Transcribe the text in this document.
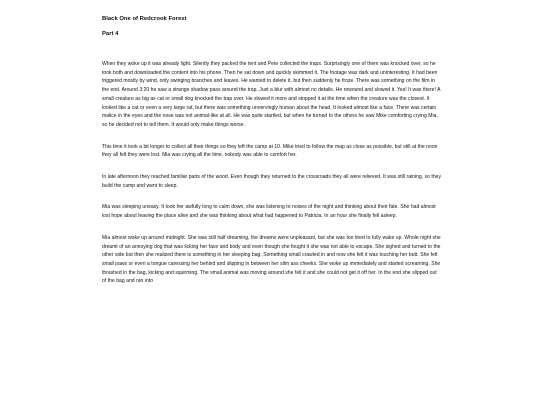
Black One of Redcrook Forest

Part 4

When they woke up it was already light. Silently they packed the tent and Pete collected the traps. Surprisingly one of them was knocked over, so he took both and downloaded the content into his phone. Then he sat down and quickly skimmed it. The footage was dark and uninteresting. It had been triggered mostly by wind, only swinging branches and leaves. He wanted to delete it, but then suddenly he froze. There was something on the film in the end. Around 3:20 he saw a strange shadow pass around the trap. Just a blur with almost no details. He rewound and slowed it. Yes! It was there! A small creature as big as cat or small dog knocked the trap over. He slowed it more and stopped it at the time when the creature was the closest. It looked like a cat or even a very large rat, but there was something unnervingly human about the head. It looked almost like a face. There was certain malice in the eyes and the nose was not animal-like at all. He was quite startled, but when he turned to the others he saw Mike comforting crying Mia, so he decided not to tell them. It would only make things worse.

This time it took a bit longer to collect all their things so they left the camp at 10. Mike tried to follow the map as close as possible, but still at the noon they all felt they were lost. Mia was crying all the time, nobody was able to comfort her.

In late afternoon they reached familiar parts of the wood. Even though they returned to the crossroads they all were relieved. It was still raining, so they build the camp and went to sleep.

Mia was sleeping uneasy. It took her awfully long to calm down, she was listening to noises of the night and thinking about their fate. She had almost lost hope about leaving the place alive and she was thinking about what had happened to Patricia. In an hour she finally fell asleep.

Mia almost woke up around midnight. She was still half dreaming, the dreams were unpleasant, but she was too tired to fully wake up. Whole night she dreamt of an annoying dog that was licking her face and body and even though she fought it she was not able to escape. She sighed and turned to the other side but then she realized there is something in her sleeping bag. Something small crawled in and now she felt it was touching her butt. She felt small paws or even a tongue caressing her behind and slipping in between her slim ass cheeks. She woke up immediately and started screaming. She thrashed in the bag, kicking and squirming. The small animal was moving around she felt it and she could not get it off her. In the end she slipped out of the bag and ran into
